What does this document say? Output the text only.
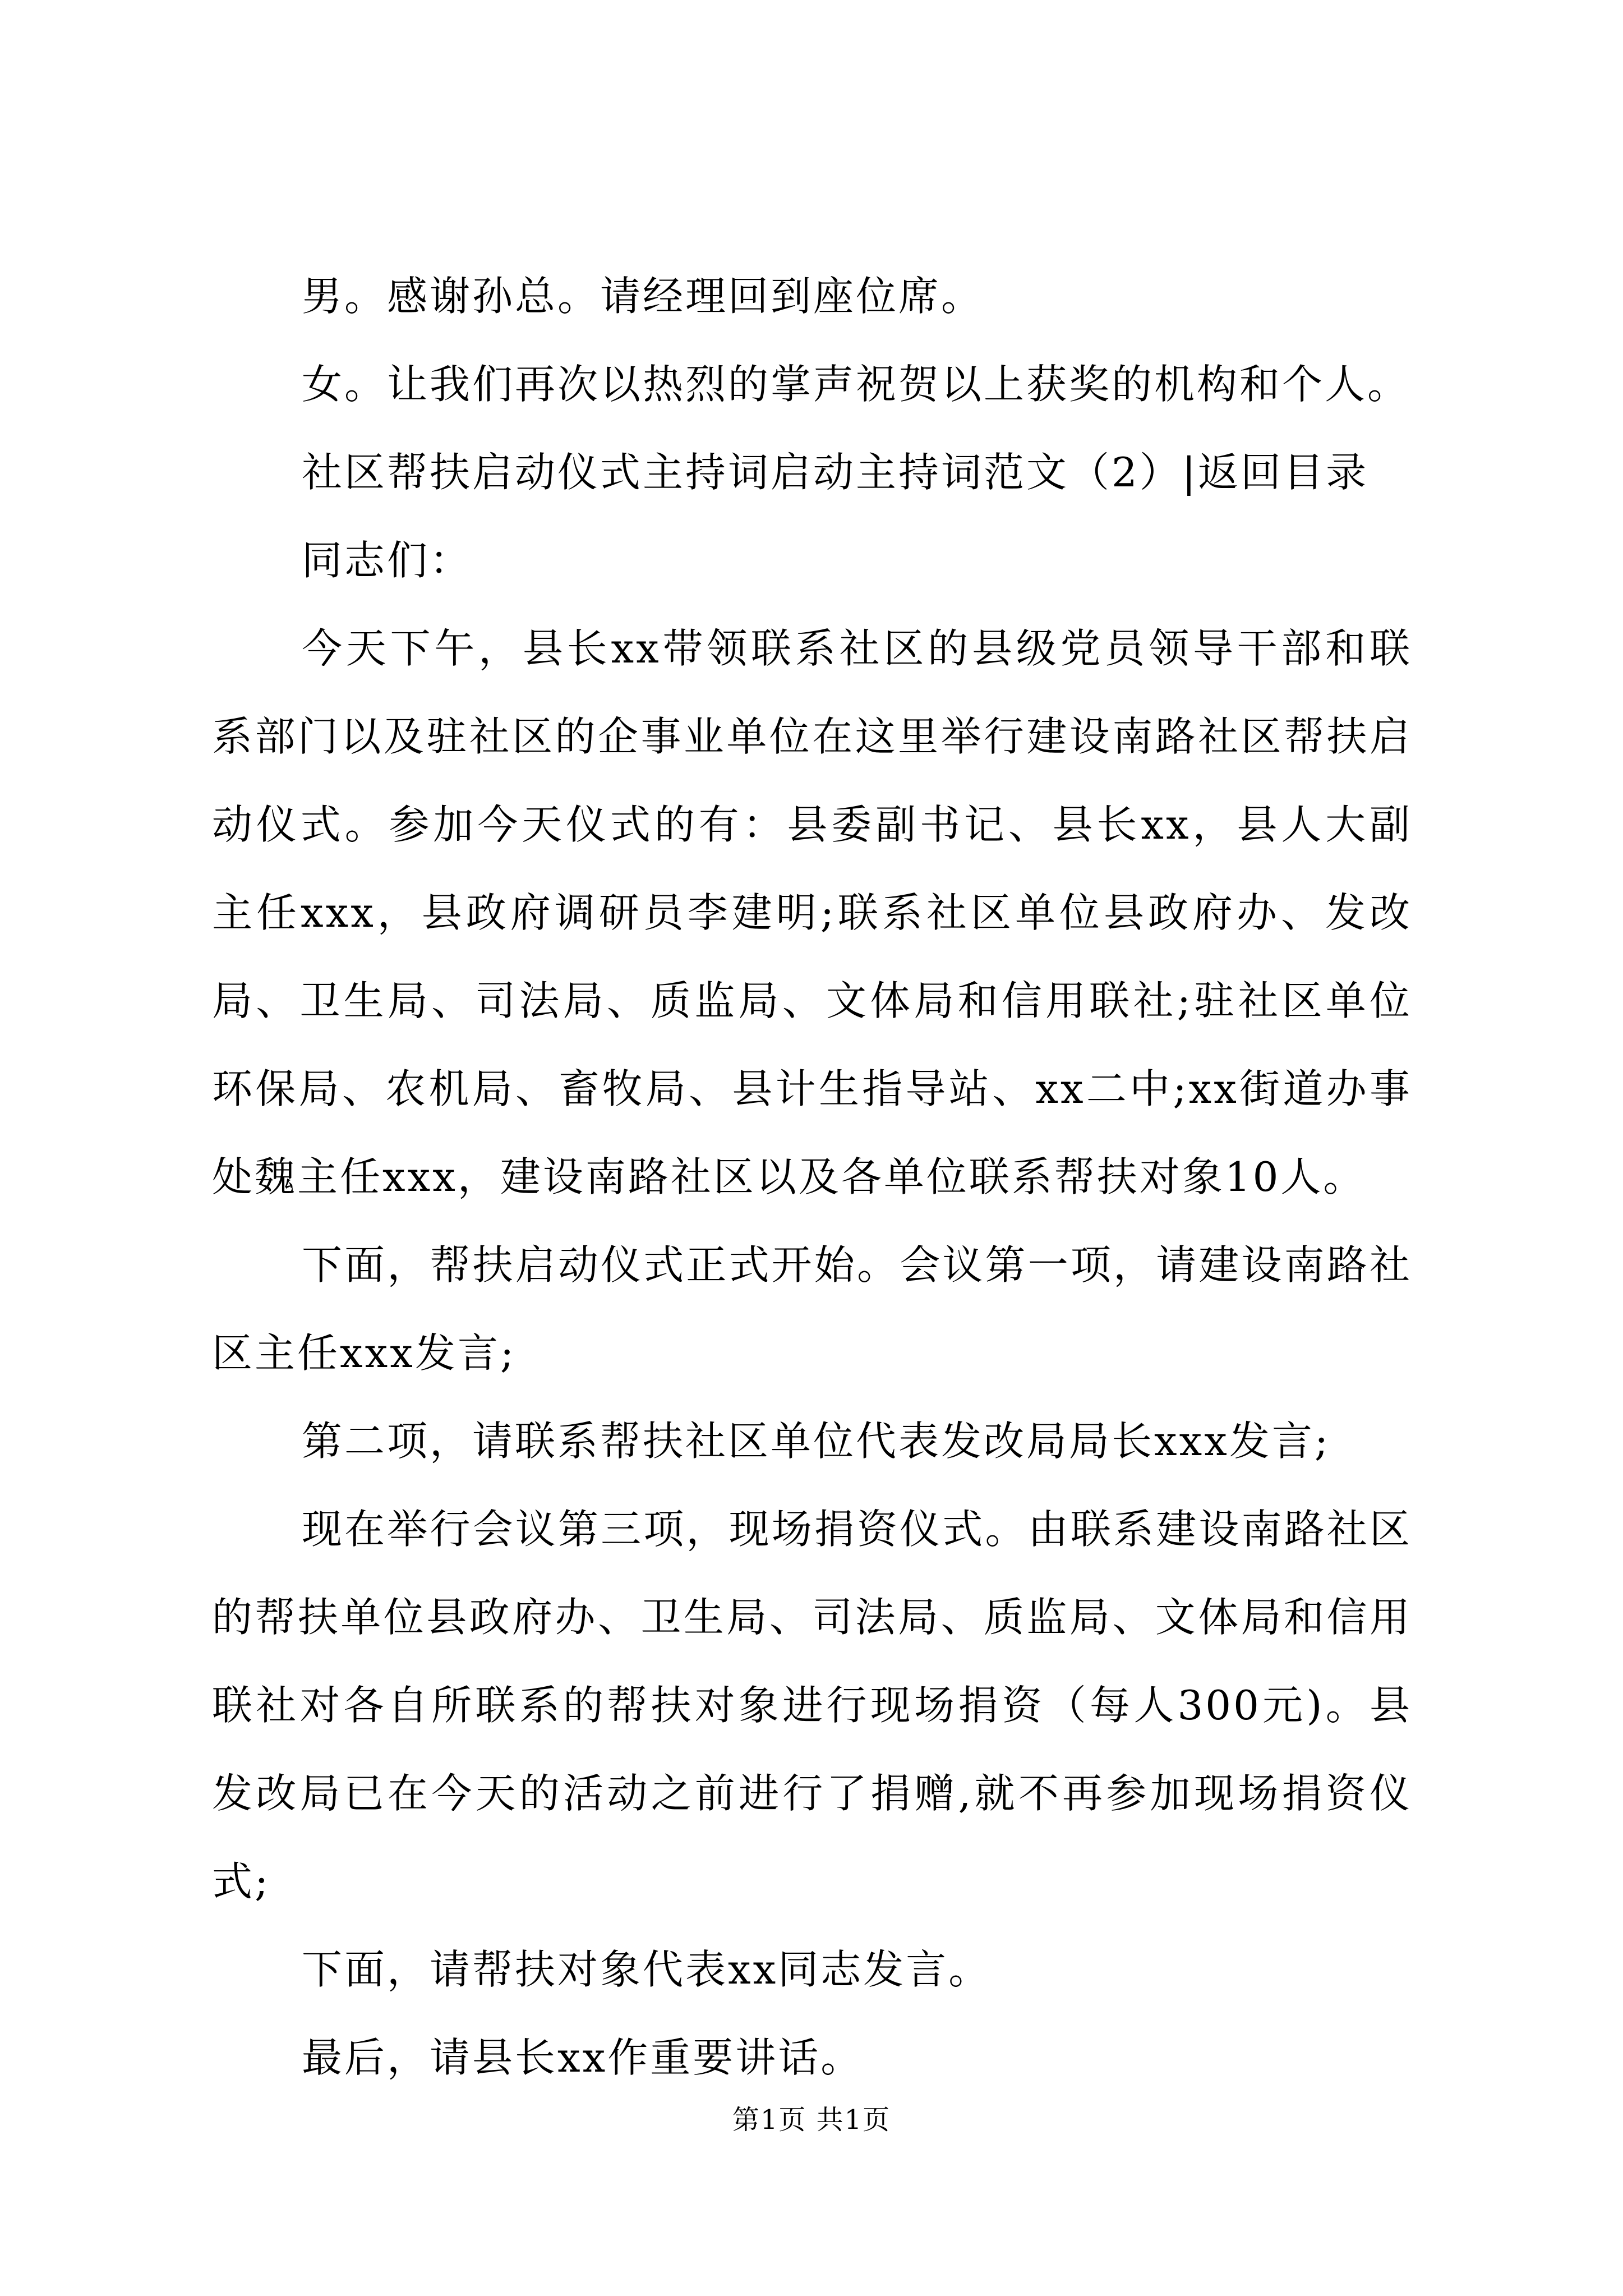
男。感谢孙总。请经理回到座位席。

女。让我们再次以热烈的掌声祝贺以上获奖的机构和个人。

社区帮扶启动仪式主持词启动主持词范文（2）|返回目录

同志们：

今天下午，县长xx带领联系社区的县级党员领导干部和联系部门以及驻社区的企事业单位在这里举行建设南路社区帮扶启动仪式。参加今天仪式的有：县委副书记、县长xx，县人大副主任xxx，县政府调研员李建明;联系社区单位县政府办、发改局、卫生局、司法局、质监局、文体局和信用联社;驻社区单位环保局、农机局、畜牧局、县计生指导站、xx二中;xx街道办事处魏主任xxx，建设南路社区以及各单位联系帮扶对象10人。

下面，帮扶启动仪式正式开始。会议第一项，请建设南路社区主任xxx发言;

第二项，请联系帮扶社区单位代表发改局局长xxx发言;

现在举行会议第三项，现场捐资仪式。由联系建设南路社区的帮扶单位县政府办、卫生局、司法局、质监局、文体局和信用联社对各自所联系的帮扶对象进行现场捐资（每人300元)。县发改局已在今天的活动之前进行了捐赠,就不再参加现场捐资仪式;

下面，请帮扶对象代表xx同志发言。

最后，请县长xx作重要讲话。

第1页 共1页
